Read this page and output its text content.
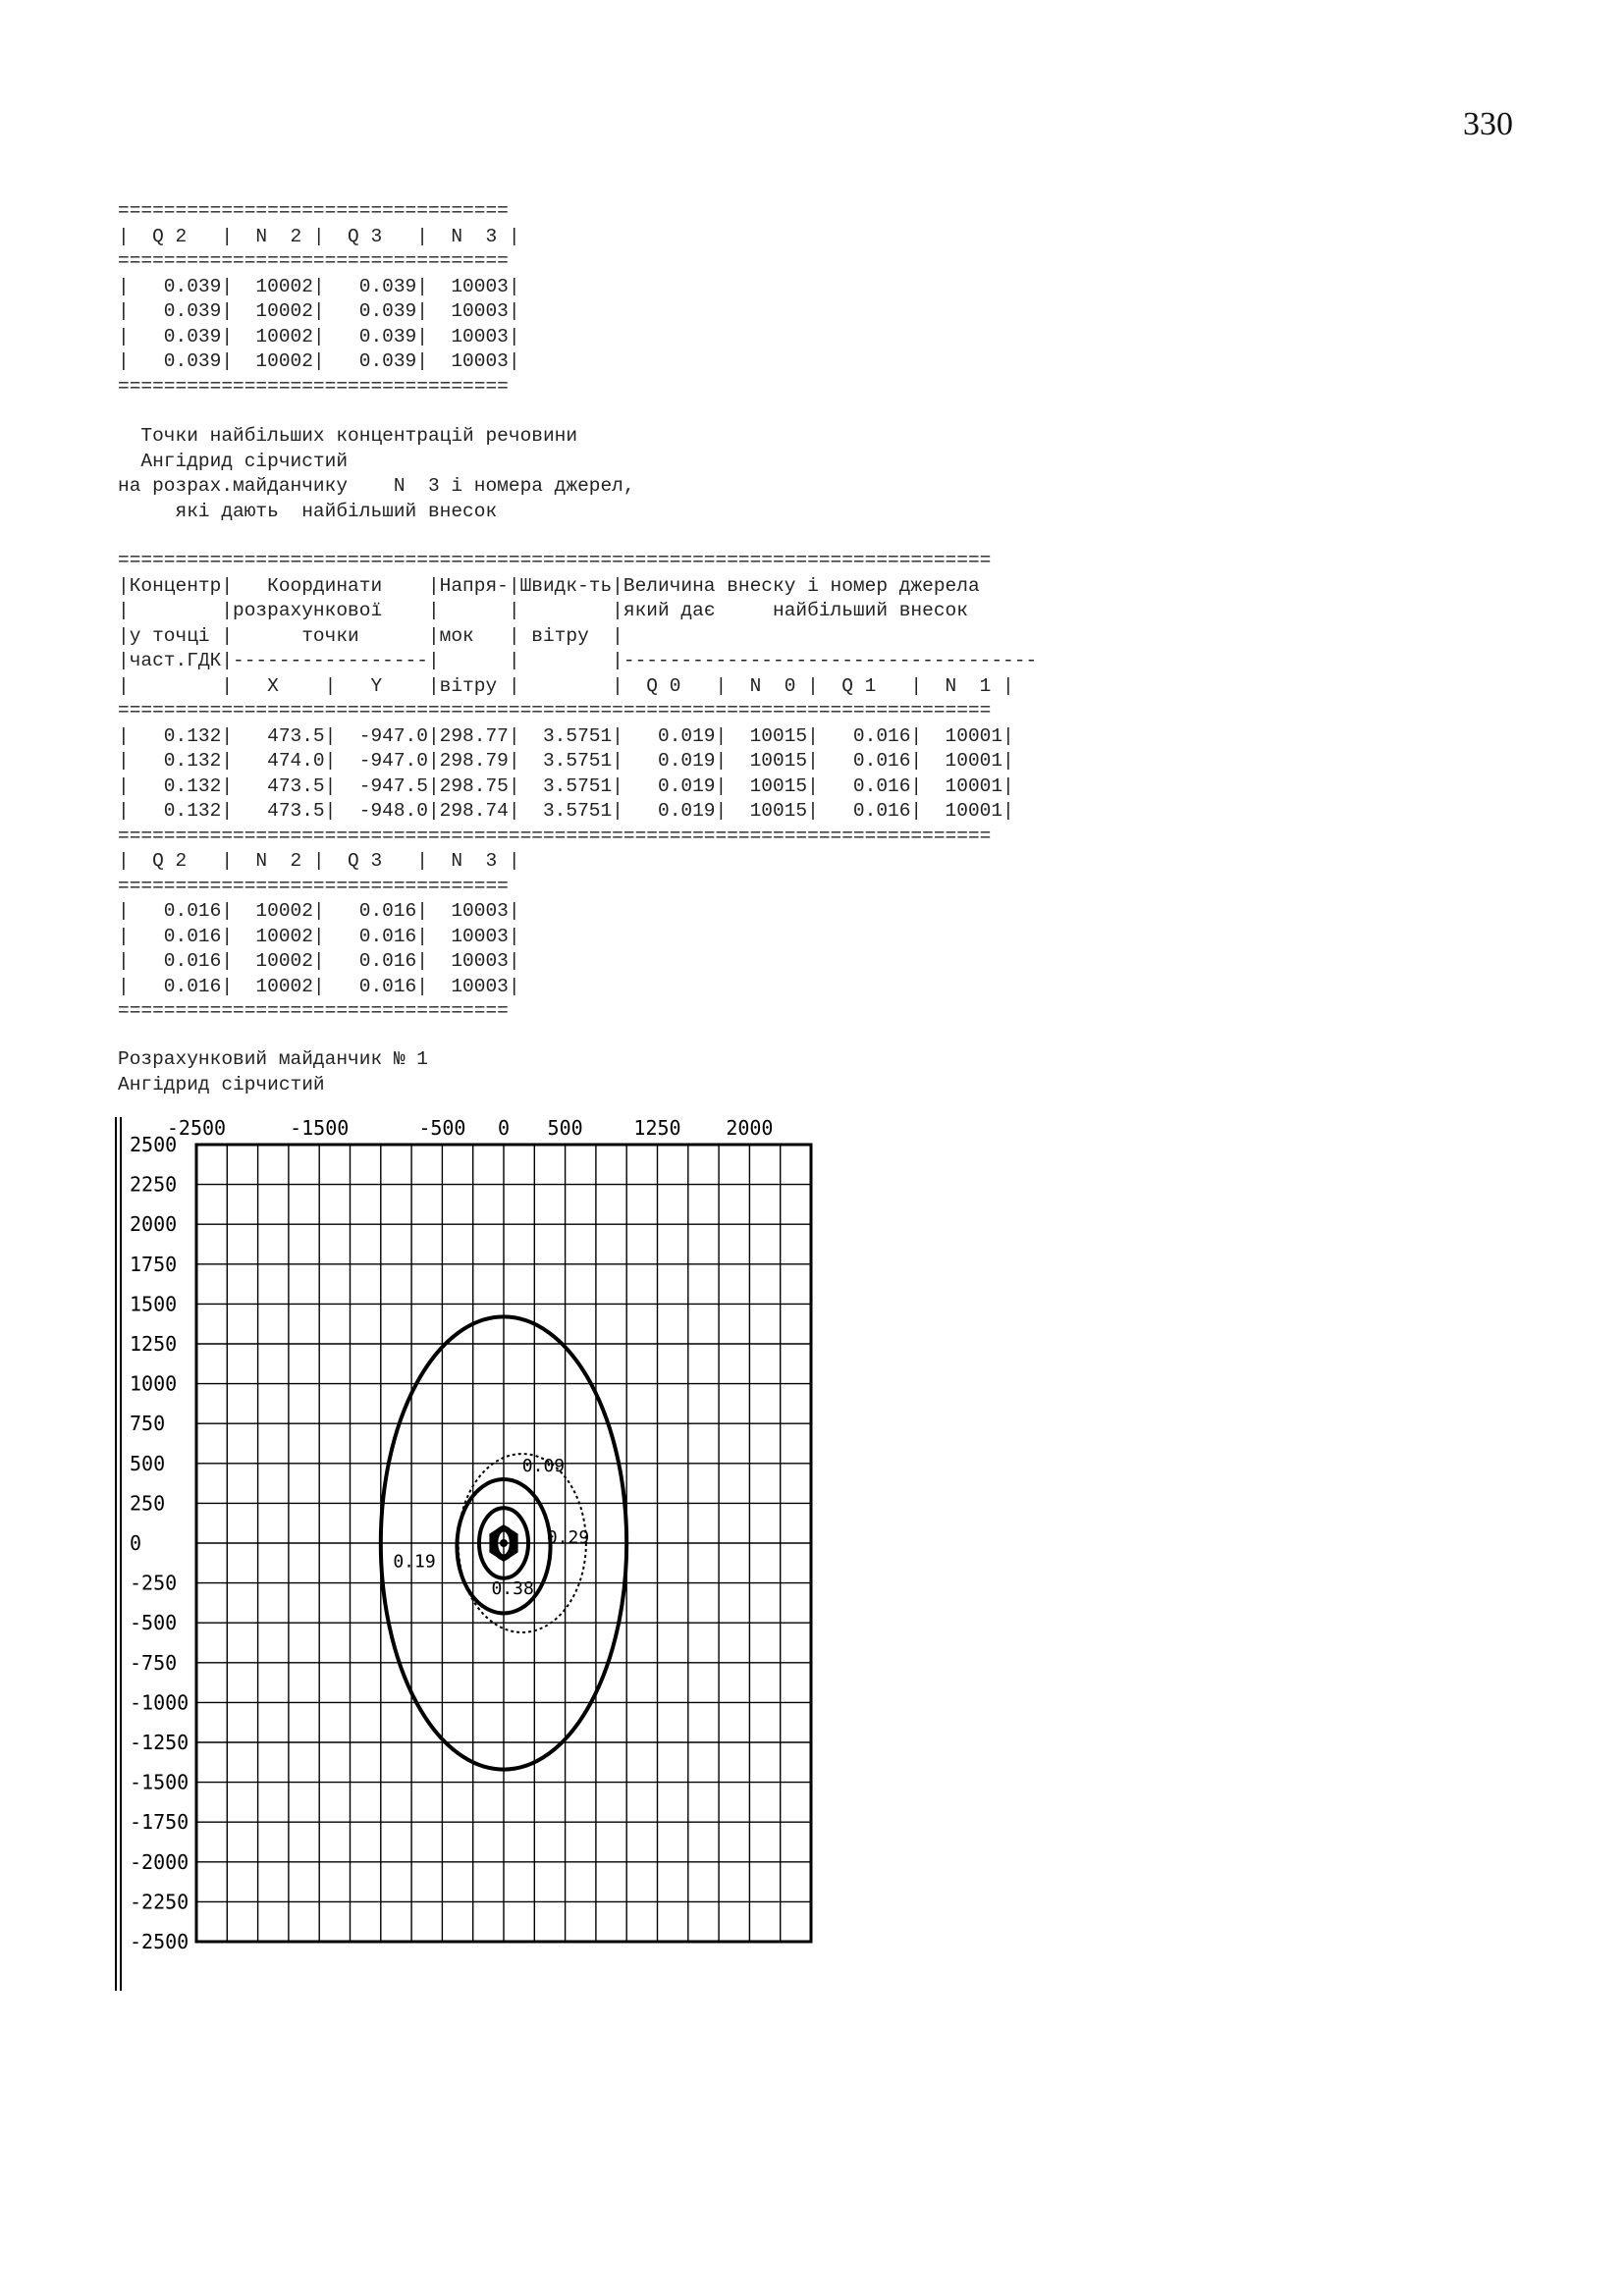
330
==================================
|  Q 2   |  N  2 |  Q 3   |  N  3 |
==================================
|   0.039|  10002|   0.039|  10003|
|   0.039|  10002|   0.039|  10003|
|   0.039|  10002|   0.039|  10003|
|   0.039|  10002|   0.039|  10003|
==================================
Точки найбільших концентрацій речовини
Ангідрид сірчистий
на розрах.майданчику    N  3 і номера джерел,
які дають  найбільший внесок
============================================================================
|Концентр|   Координати    |Напря-|Швидк-ть|Величина внеску і номер джерела
|        |розрахункової    |      |        |який дає     найбільший внесок
|у точці |      точки      |мок   | вітру  |
|част.ГДК|-----------------|      |        |------------------------------------
|        |   X    |   Y    |вітру |        |  Q 0   |  N  0 |  Q 1   |  N  1 |
============================================================================
|   0.132|   473.5|  -947.0|298.77|  3.5751|   0.019|  10015|   0.016|  10001|
|   0.132|   474.0|  -947.0|298.79|  3.5751|   0.019|  10015|   0.016|  10001|
|   0.132|   473.5|  -947.5|298.75|  3.5751|   0.019|  10015|   0.016|  10001|
|   0.132|   473.5|  -948.0|298.74|  3.5751|   0.019|  10015|   0.016|  10001|
============================================================================
|  Q 2   |  N  2 |  Q 3   |  N  3 |
==================================
|   0.016|  10002|   0.016|  10003|
|   0.016|  10002|   0.016|  10003|
|   0.016|  10002|   0.016|  10003|
|   0.016|  10002|   0.016|  10003|
==================================
Розрахунковий майданчик № 1
Ангідрид сірчистий
0.09
0.19
0.29
0.38
2500
2250
2000
1750
1500
1250
1000
750
500
250
0
-250
-500
-750
-1000
-1250
-1500
-1750
-2000
-2250
-2500
-2500	-1500	-500 0 500	1250 2000
